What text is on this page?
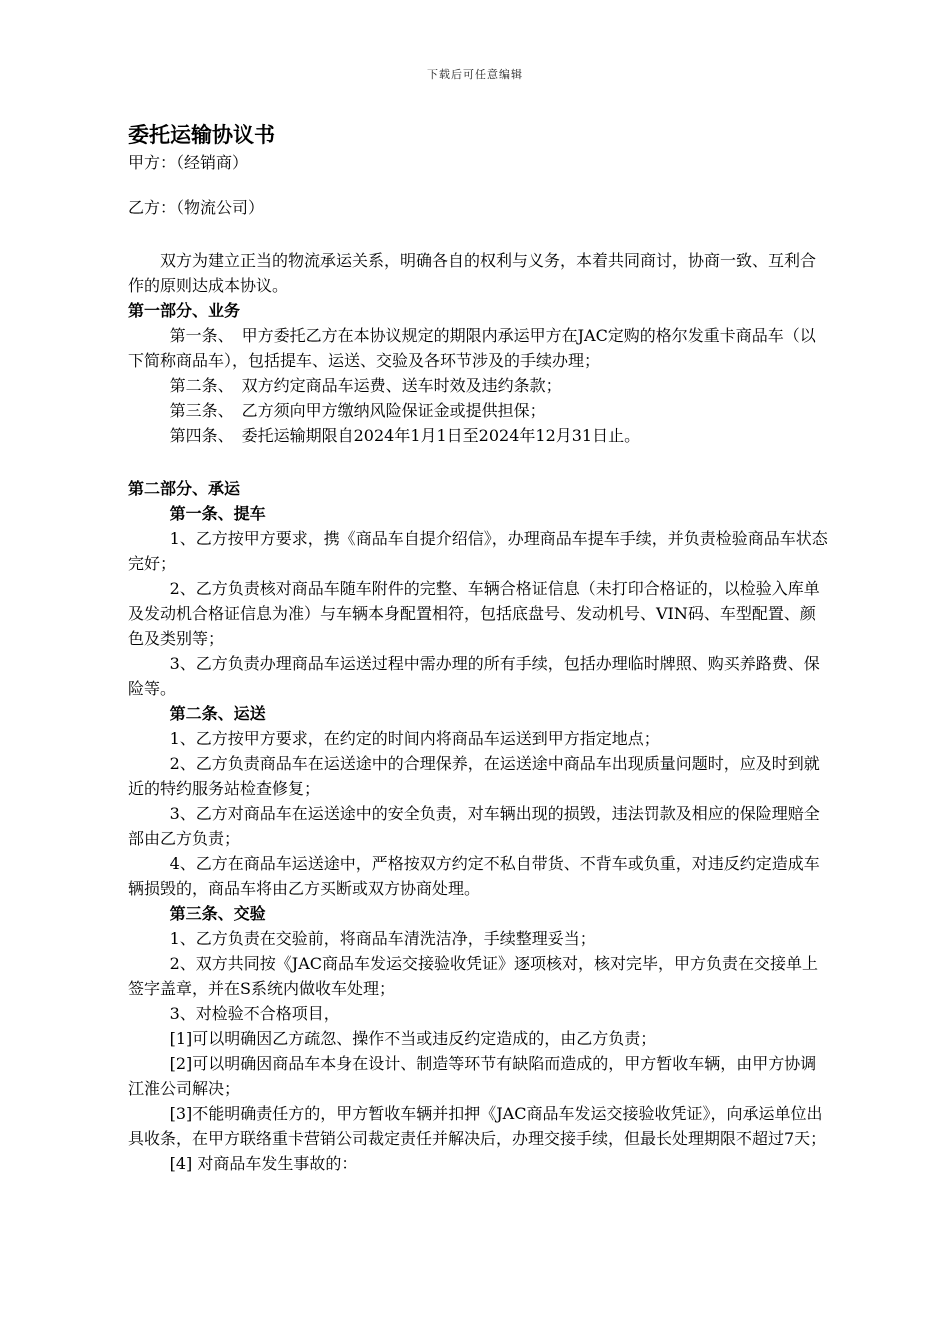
下载后可任意编辑

委托运输协议书

甲方：（经销商）

乙方：（物流公司）

双方为建立正当的物流承运关系，明确各自的权利与义务，本着共同商讨，协商一致、互利合作的原则达成本协议。

第一部分、业务

第一条、　甲方委托乙方在本协议规定的期限内承运甲方在JAC定购的格尔发重卡商品车（以下简称商品车），包括提车、运送、交验及各环节涉及的手续办理；

第二条、　双方约定商品车运费、送车时效及违约条款；

第三条、　乙方须向甲方缴纳风险保证金或提供担保；

第四条、　委托运输期限自2024年1月1日至2024年12月31日止。

第二部分、承运

第一条、提车

1、乙方按甲方要求，携《商品车自提介绍信》，办理商品车提车手续，并负责检验商品车状态完好；

2、乙方负责核对商品车随车附件的完整、车辆合格证信息（未打印合格证的，以检验入库单及发动机合格证信息为准）与车辆本身配置相符，包括底盘号、发动机号、VIN码、车型配置、颜色及类别等；

3、乙方负责办理商品车运送过程中需办理的所有手续，包括办理临时牌照、购买养路费、保险等。

第二条、运送

1、乙方按甲方要求，在约定的时间内将商品车运送到甲方指定地点；

2、乙方负责商品车在运送途中的合理保养，在运送途中商品车出现质量问题时，应及时到就近的特约服务站检查修复；

3、乙方对商品车在运送途中的安全负责，对车辆出现的损毁，违法罚款及相应的保险理赔全部由乙方负责；

4、乙方在商品车运送途中，严格按双方约定不私自带货、不背车或负重，对违反约定造成车辆损毁的，商品车将由乙方买断或双方协商处理。

第三条、交验

1、乙方负责在交验前，将商品车清洗洁净，手续整理妥当；

2、双方共同按《JAC商品车发运交接验收凭证》逐项核对，核对完毕，甲方负责在交接单上签字盖章，并在S系统内做收车处理；

3、对检验不合格项目，

[1]可以明确因乙方疏忽、操作不当或违反约定造成的，由乙方负责；

[2]可以明确因商品车本身在设计、制造等环节有缺陷而造成的，甲方暂收车辆，由甲方协调江淮公司解决；

[3]不能明确责任方的，甲方暂收车辆并扣押《JAC商品车发运交接验收凭证》，向承运单位出具收条，在甲方联络重卡营销公司裁定责任并解决后，办理交接手续，但最长处理期限不超过7天；

[4] 对商品车发生事故的：
